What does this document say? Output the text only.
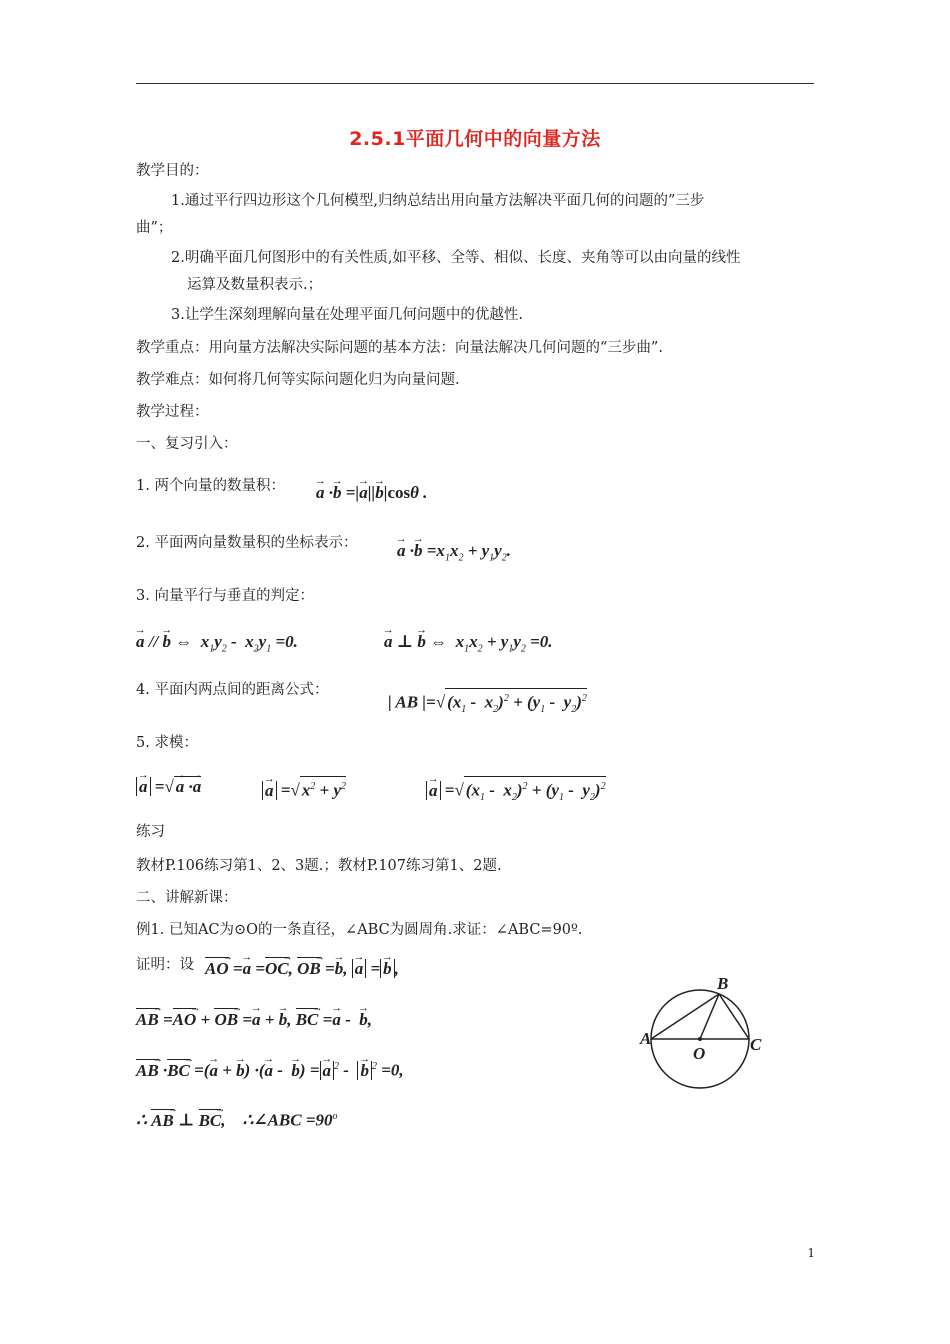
2.5.1平面几何中的向量方法
教学目的：
1.通过平行四边形这个几何模型,归纳总结出用向量方法解决平面几何的问题的”三步
曲”；
2.明确平面几何图形中的有关性质,如平移、全等、相似、长度、夹角等可以由向量的线性
运算及数量积表示.；
3.让学生深刻理解向量在处理平面几何问题中的优越性.
教学重点：用向量方法解决实际问题的基本方法：向量法解决几何问题的“三步曲”.
教学难点：如何将几何等实际问题化归为向量问题.
教学过程：
一、复习引入：
1. 两个向量的数量积： → a ·→ b =|→ a||→ b|cosθ .
2. 平面两向量数量积的坐标表示： → $a \cdot\to b =x_1x_2 + y_1y_2$.
3. 向量平行与垂直的判定：
→ a // → b ⇔  $x_1y_2 - x_2y_1 =0$.	→ a ⊥ → b ⇔  $x_1x_2 + y_1y_2 =0$.
4. 平面内两点间的距离公式：
| AB |=√ $(x_1 - x_2)^2 + (y_1 - y_2)^2$
5. 求模：
→ a =√ → a ·→ a	→ a =√ $x^2 + y^2$	→ a =√ $(x_1 - x_2)^2 + (y_1 - y_2)^2$
练习
教材P.106练习第1、2、3题.；教材P.107练习第1、2题.
二、讲解新课：
例1. 已知AC为⊙O的一条直径，∠ABC为圆周角.求证：∠ABC=90º.
证明：设 AO → =→ a =OC →, OB → =→ b, → a = → b ,
AB → =AO → + OB → =→ a + → b, BC → =→ a -  → b,
AB → ·BC → =(→ a + → b) ·(→ a -  → b) = → a $^2$ -  → b $^2$ =0,
∴ AB → ⊥ BC →,    ∴∠ABC $=90^o$
A
B
C
O
1
